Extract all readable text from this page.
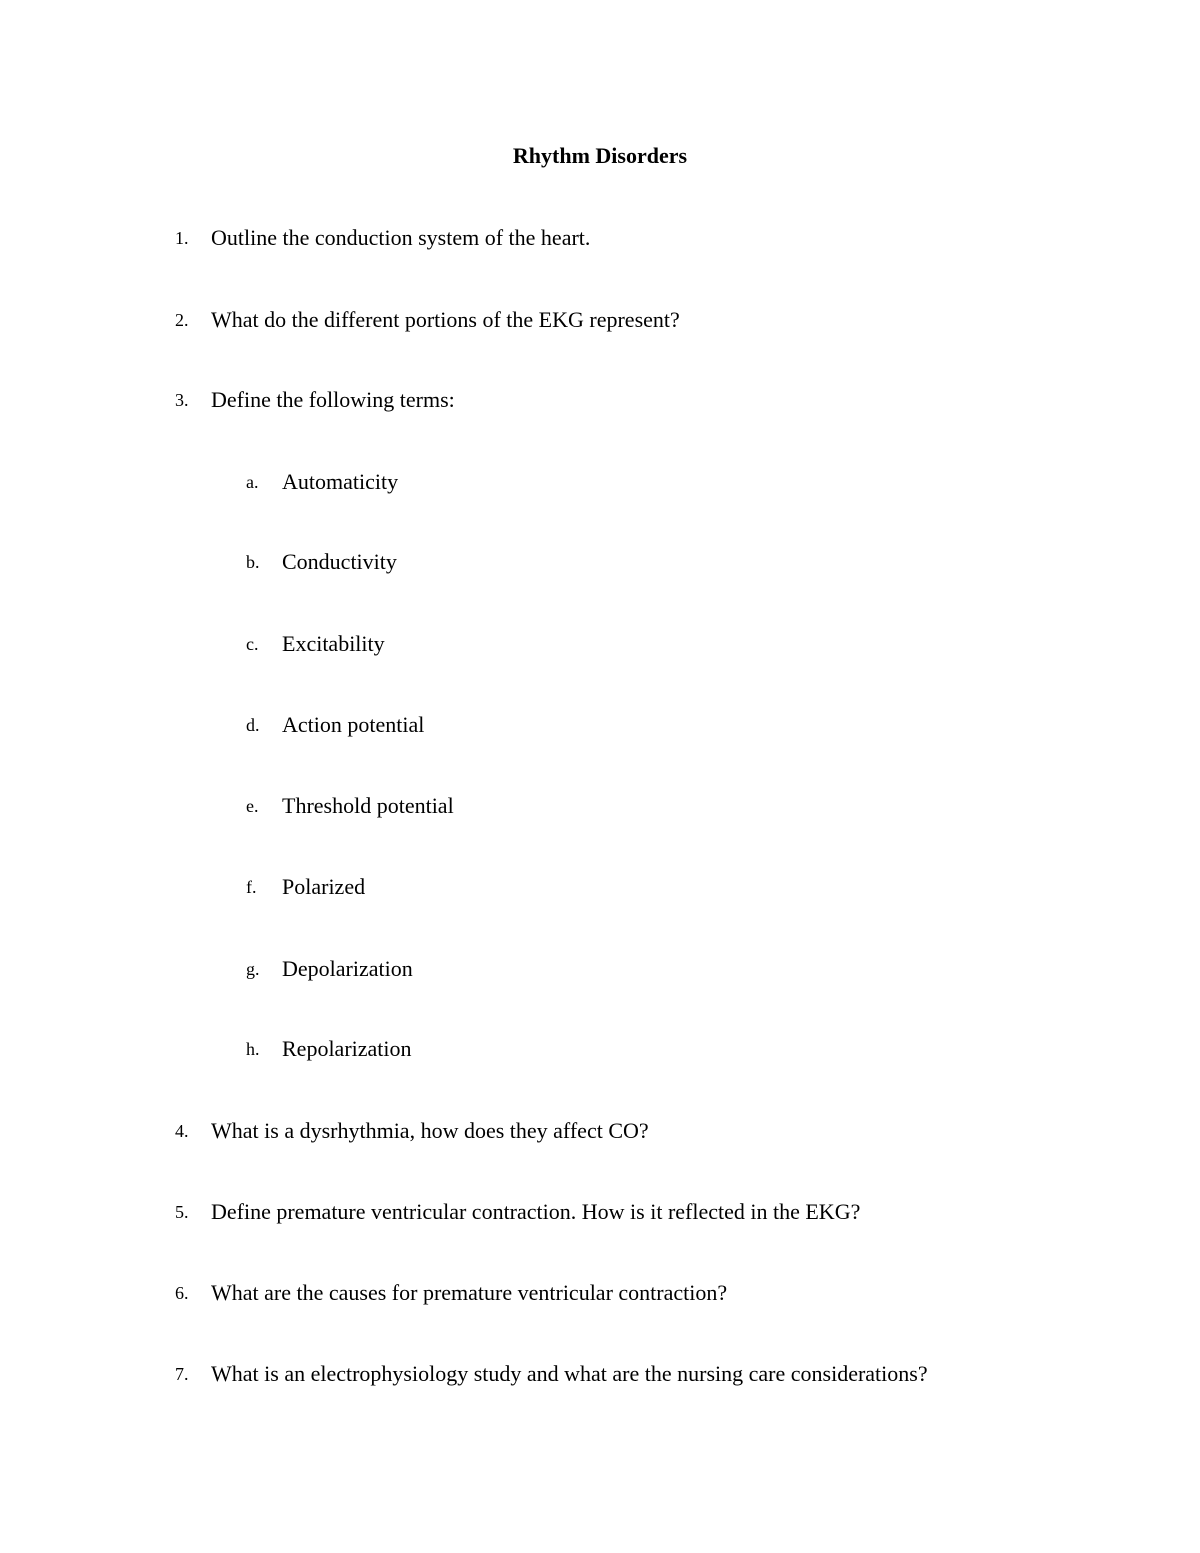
Rhythm Disorders
1. Outline the conduction system of the heart.
2. What do the different portions of the EKG represent?
3. Define the following terms:
a. Automaticity
b. Conductivity
c. Excitability
d. Action potential
e. Threshold potential
f. Polarized
g. Depolarization
h. Repolarization
4. What is a dysrhythmia, how does they affect CO?
5. Define premature ventricular contraction. How is it reflected in the EKG?
6. What are the causes for premature ventricular contraction?
7. What is an electrophysiology study and what are the nursing care considerations?
